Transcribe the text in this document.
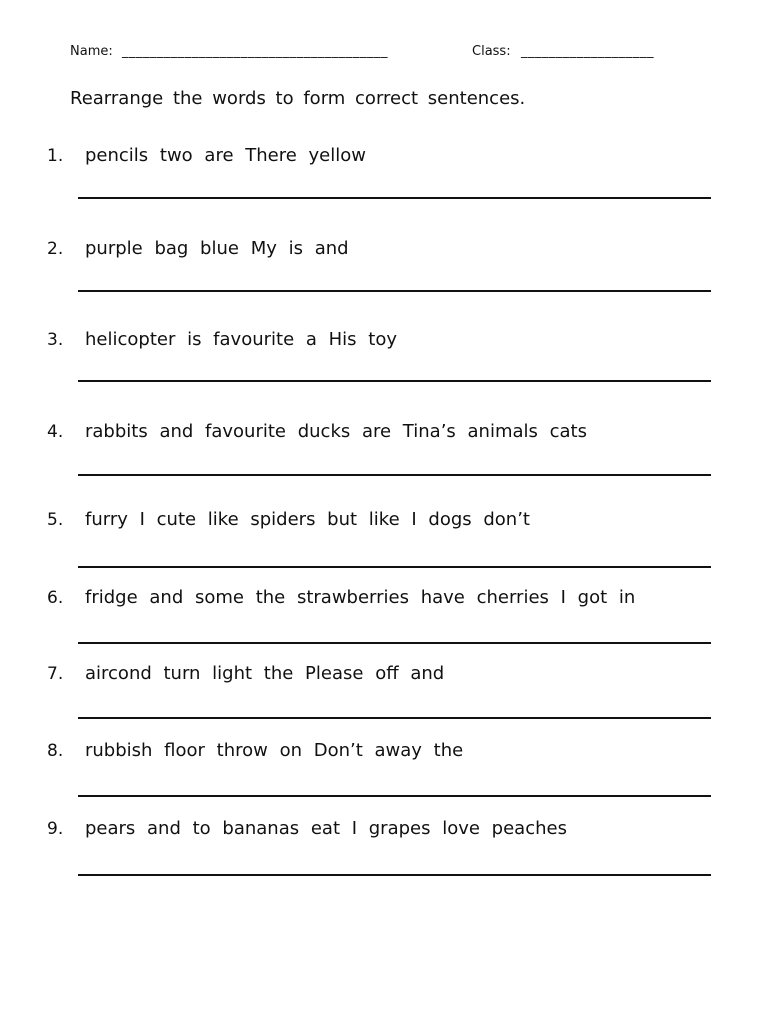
Name: ______________________________________	Class: ___________________
Rearrange the words to form correct sentences.
1. pencils two are There yellow
2. purple bag blue My is and
3. helicopter is favourite a His toy
4. rabbits and favourite ducks are Tina’s animals cats
5. furry I cute like spiders but like I dogs don’t
6. fridge and some the strawberries have cherries I got in
7. aircond turn light the Please off and
8. rubbish floor throw on Don’t away the
9. pears and to bananas eat I grapes love peaches
